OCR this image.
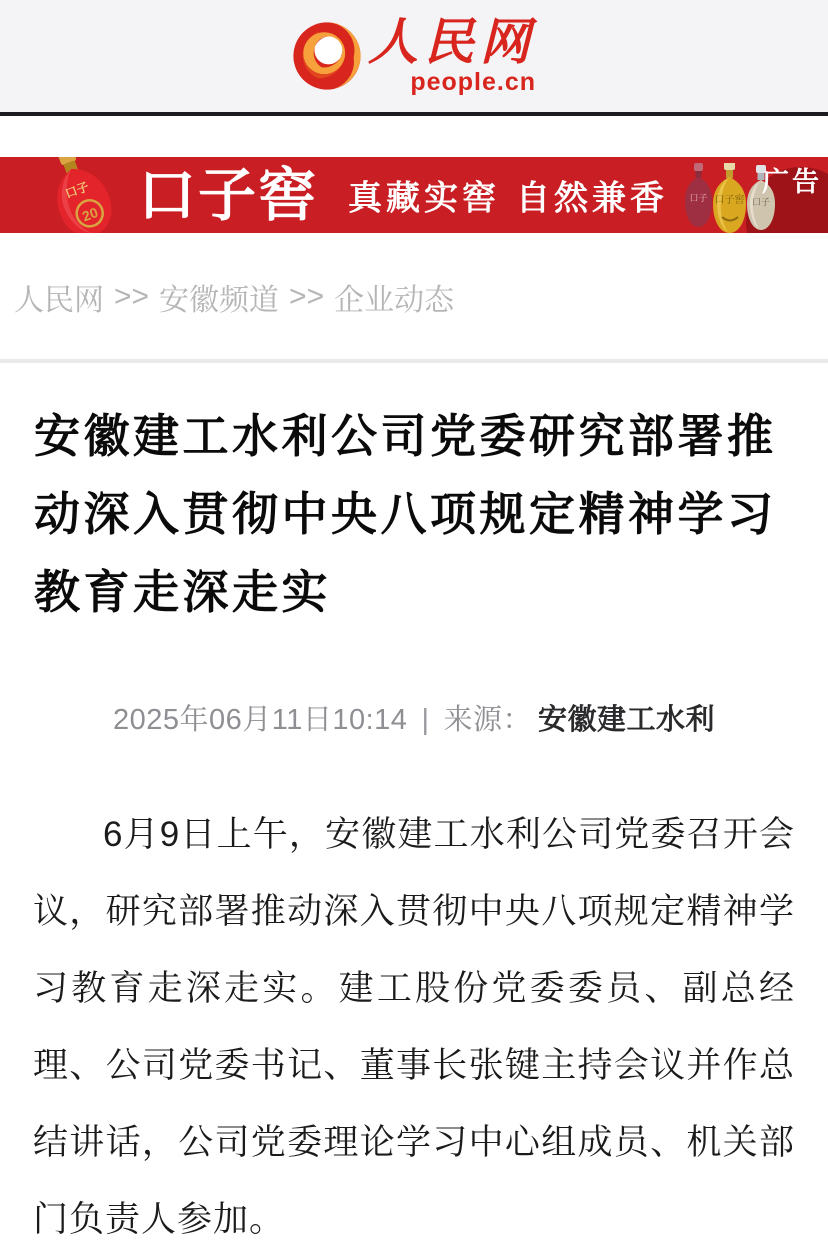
人民网
people.cn
20
口子 口子窖 真藏实窖 自然兼香 口子 口子窖 口子
广告
人民网 >> 安徽频道 >> 企业动态
安徽建工水利公司党委研究部署推动深入贯彻中央八项规定精神学习教育走深走实
2025年06月11日10:14 | 来源： 安徽建工水利

6月9日上午，安徽建工水利公司党委召开会议，研究部署推动深入贯彻中央八项规定精神学习教育走深走实。建工股份党委委员、副总经理、公司党委书记、董事长张键主持会议并作总结讲话，公司党委理论学习中心组成员、机关部门负责人参加。
